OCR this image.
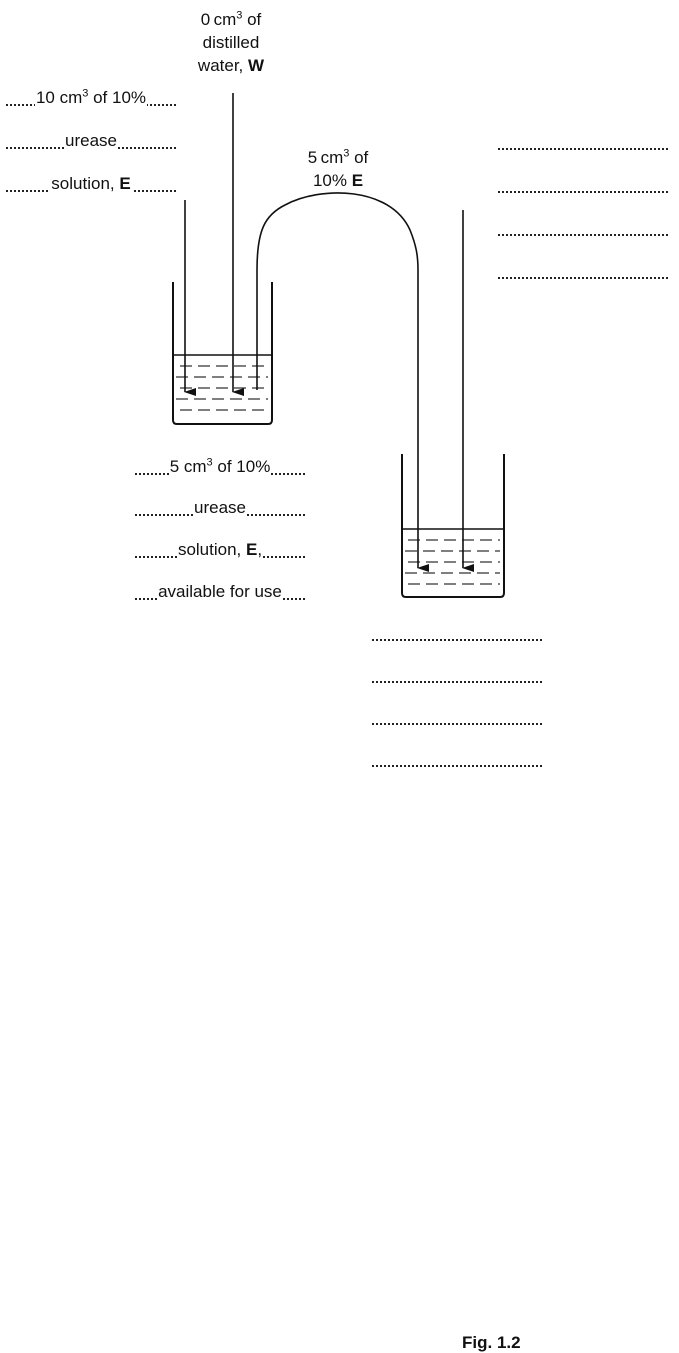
0  $cm^3$ of
distilled
water, W
10 $cm^3$ of 10%
urease
solution, E
5  $cm^3$ of
10% E
5 $cm^3$ of 10%
urease
solution, E,
available for use
Fig. 1.2
